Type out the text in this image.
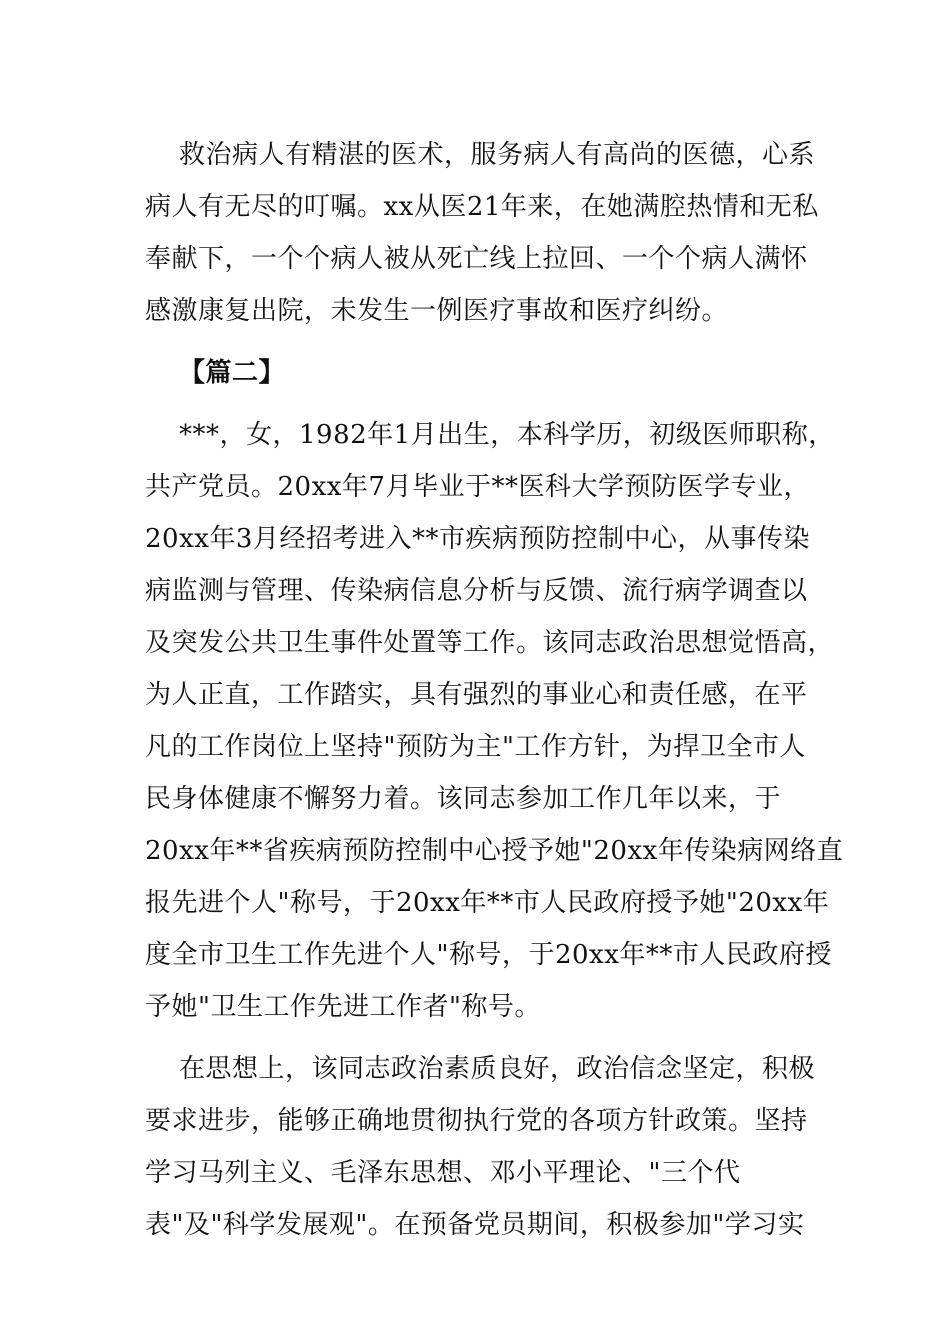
救治病人有精湛的医术，服务病人有高尚的医德，心系
病人有无尽的叮嘱。xx从医21年来，在她满腔热情和无私
奉献下，一个个病人被从死亡线上拉回、一个个病人满怀
感激康复出院，未发生一例医疗事故和医疗纠纷。
【篇二】
***，女，1982年1月出生，本科学历，初级医师职称，
共产党员。20xx年7月毕业于**医科大学预防医学专业，
20xx年3月经招考进入**市疾病预防控制中心，从事传染
病监测与管理、传染病信息分析与反馈、流行病学调查以
及突发公共卫生事件处置等工作。该同志政治思想觉悟高，
为人正直，工作踏实，具有强烈的事业心和责任感，在平
凡的工作岗位上坚持"预防为主"工作方针，为捍卫全市人
民身体健康不懈努力着。该同志参加工作几年以来，于
20xx年**省疾病预防控制中心授予她"20xx年传染病网络直
报先进个人"称号，于20xx年**市人民政府授予她"20xx年
度全市卫生工作先进个人"称号，于20xx年**市人民政府授
予她"卫生工作先进工作者"称号。
在思想上，该同志政治素质良好，政治信念坚定，积极
要求进步，能够正确地贯彻执行党的各项方针政策。坚持
学习马列主义、毛泽东思想、邓小平理论、"三个代
表"及"科学发展观"。在预备党员期间，积极参加"学习实
